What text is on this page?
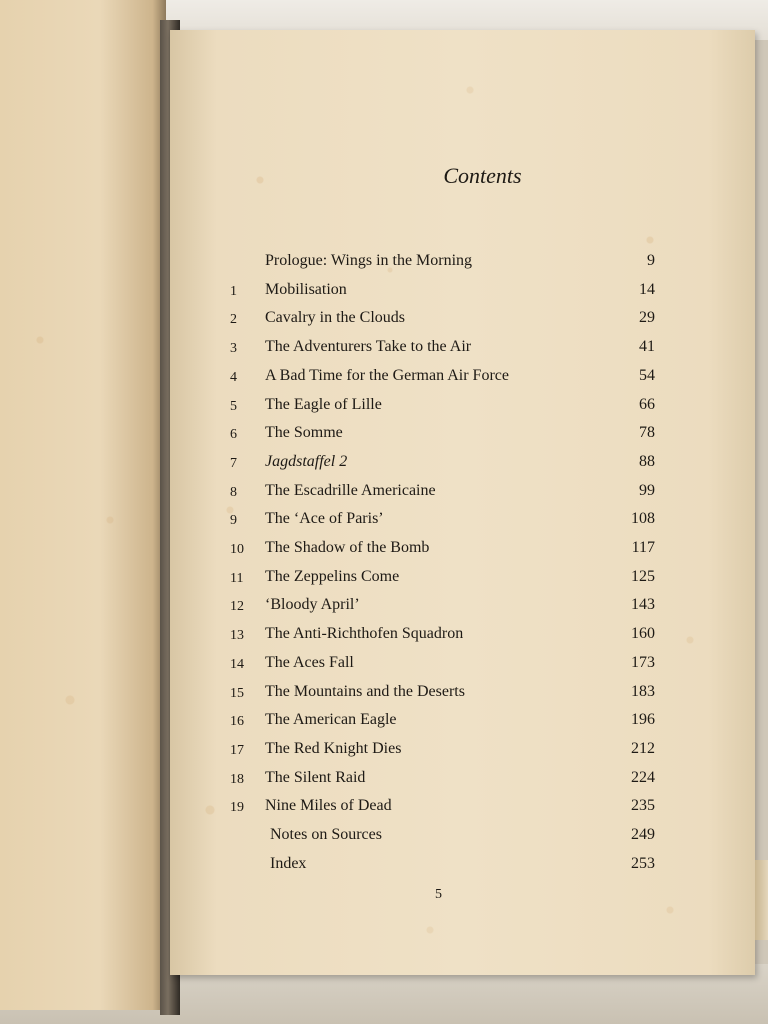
Contents
Prologue: Wings in the Morning	9
1	Mobilisation	14
2	Cavalry in the Clouds	29
3	The Adventurers Take to the Air	41
4	A Bad Time for the German Air Force	54
5	The Eagle of Lille	66
6	The Somme	78
7	Jagdstaffel 2	88
8	The Escadrille Americaine	99
9	The ‘Ace of Paris’	108
10	The Shadow of the Bomb	117
11	The Zeppelins Come	125
12	‘Bloody April’	143
13	The Anti-Richthofen Squadron	160
14	The Aces Fall	173
15	The Mountains and the Deserts	183
16	The American Eagle	196
17	The Red Knight Dies	212
18	The Silent Raid	224
19	Nine Miles of Dead	235
Notes on Sources	249
Index	253
5
